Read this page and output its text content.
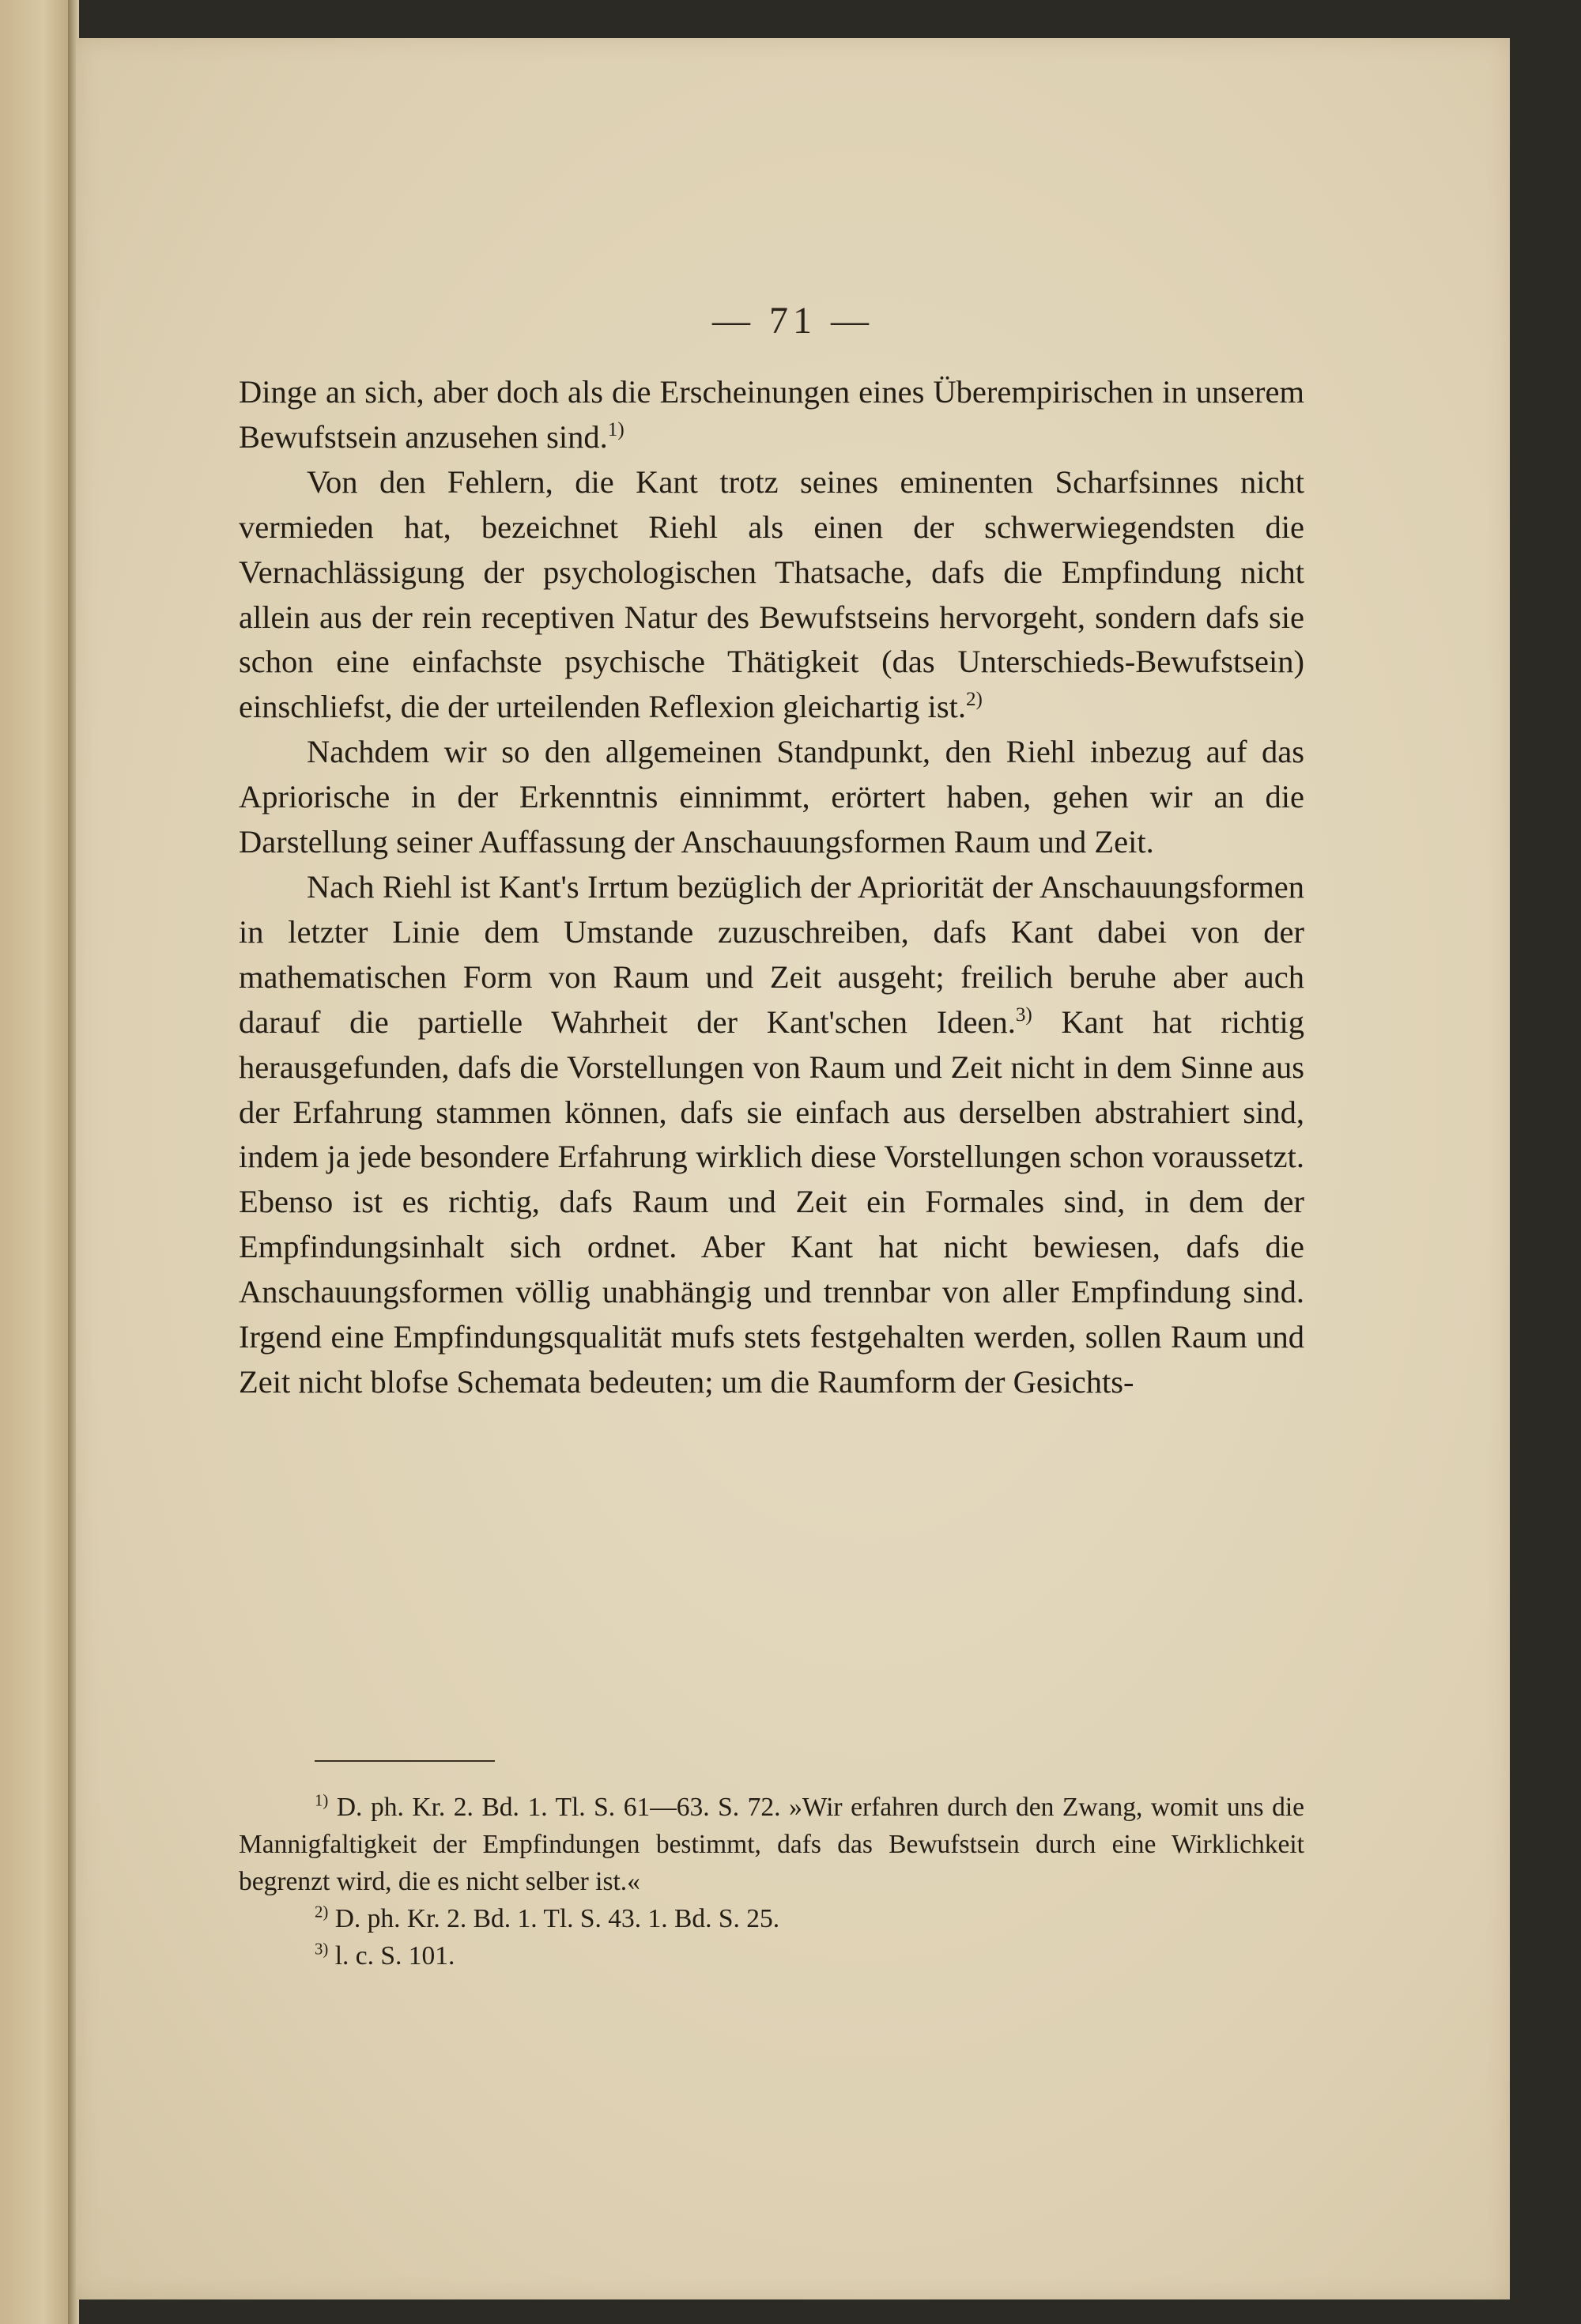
— 71 —

Dinge an sich, aber doch als die Erscheinungen eines Überempirischen in unserem Bewufstsein anzusehen sind.$^{1)}$

Von den Fehlern, die Kant trotz seines eminenten Scharfsinnes nicht vermieden hat, bezeichnet Riehl als einen der schwerwiegendsten die Vernachlässigung der psychologischen Thatsache, dafs die Empfindung nicht allein aus der rein receptiven Natur des Bewufstseins hervorgeht, sondern dafs sie schon eine einfachste psychische Thätigkeit (das Unterschieds-Bewufstsein) einschliefst, die der urteilenden Reflexion gleichartig ist.$^{2)}$

Nachdem wir so den allgemeinen Standpunkt, den Riehl inbezug auf das Apriorische in der Erkenntnis einnimmt, erörtert haben, gehen wir an die Darstellung seiner Auffassung der Anschauungsformen Raum und Zeit.

Nach Riehl ist Kant's Irrtum bezüglich der Apriorität der Anschauungsformen in letzter Linie dem Umstande zuzuschreiben, dafs Kant dabei von der mathematischen Form von Raum und Zeit ausgeht; freilich beruhe aber auch darauf die partielle Wahrheit der Kant'schen Ideen.$^{3)}$ Kant hat richtig herausgefunden, dafs die Vorstellungen von Raum und Zeit nicht in dem Sinne aus der Erfahrung stammen können, dafs sie einfach aus derselben abstrahiert sind, indem ja jede besondere Erfahrung wirklich diese Vorstellungen schon voraussetzt. Ebenso ist es richtig, dafs Raum und Zeit ein Formales sind, in dem der Empfindungsinhalt sich ordnet. Aber Kant hat nicht bewiesen, dafs die Anschauungsformen völlig unabhängig und trennbar von aller Empfindung sind. Irgend eine Empfindungsqualität mufs stets festgehalten werden, sollen Raum und Zeit nicht blofse Schemata bedeuten; um die Raumform der Gesichts-

$^{1)}$ D. ph. Kr. 2. Bd. 1. Tl. S. 61—63. S. 72. »Wir erfahren durch den Zwang, womit uns die Mannigfaltigkeit der Empfindungen bestimmt, dafs das Bewufstsein durch eine Wirklichkeit begrenzt wird, die es nicht selber ist.«

$^{2)}$ D. ph. Kr. 2. Bd. 1. Tl. S. 43. 1. Bd. S. 25.

$^{3)}$ l. c. S. 101.
